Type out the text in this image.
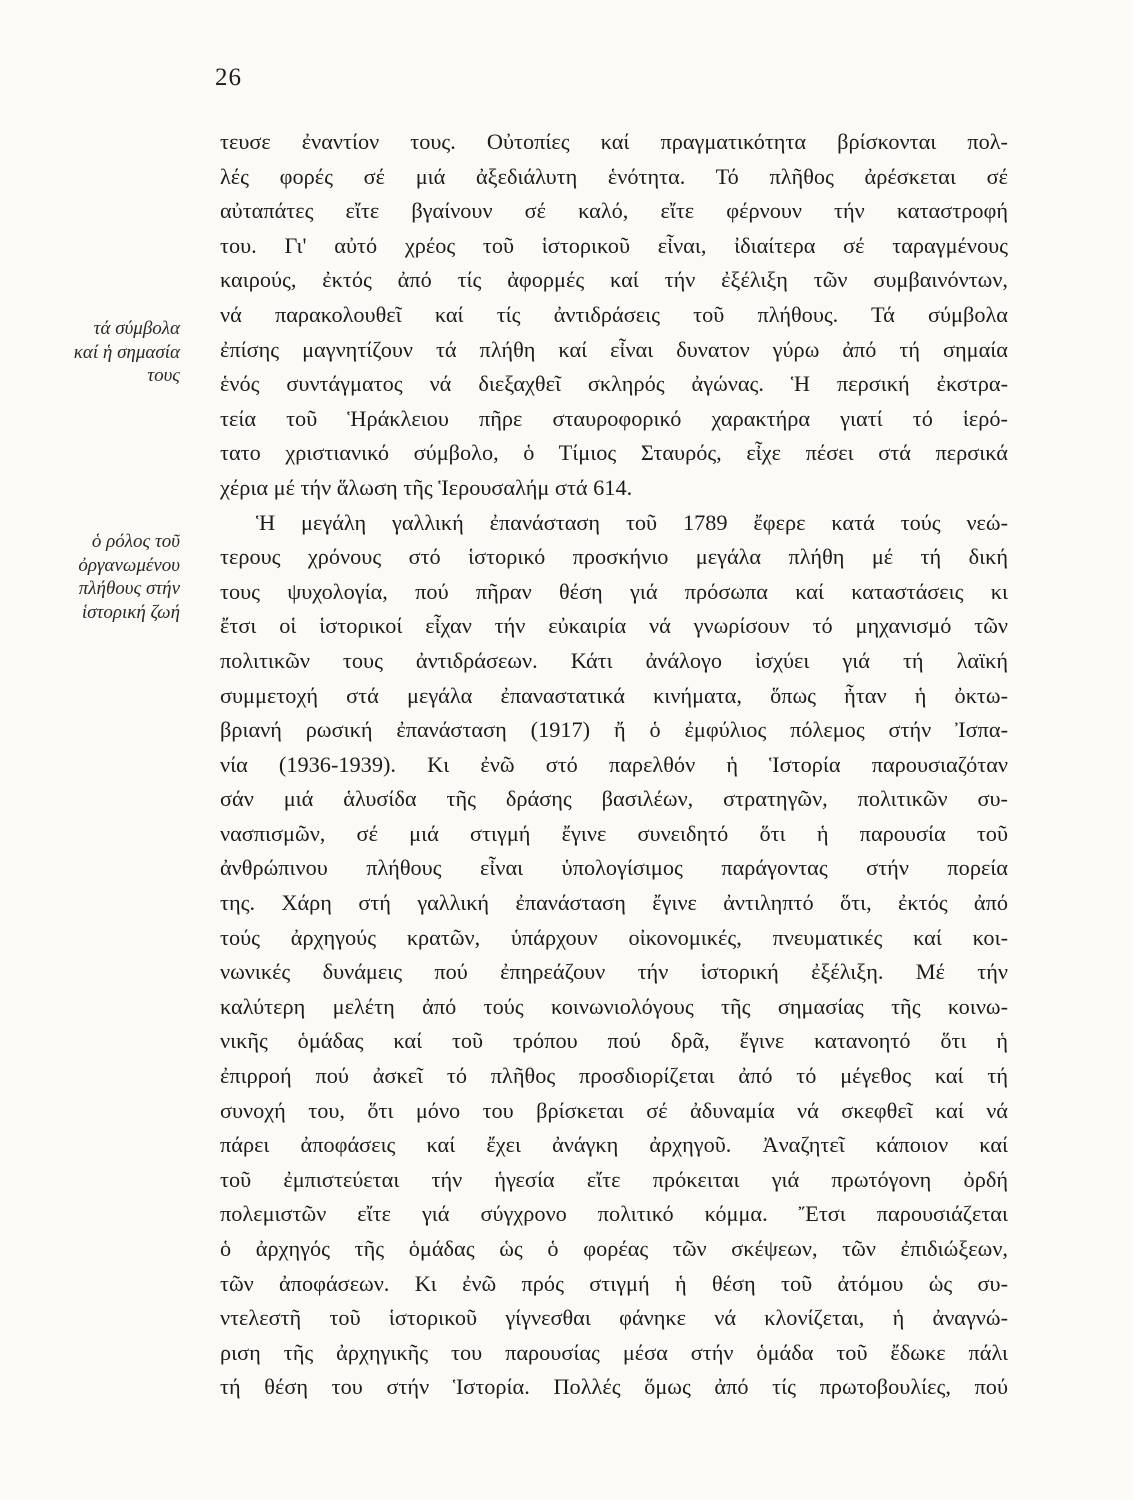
26
τά σύμβολα
καί ἡ σημασία
τους
ὁ ρόλος τοῦ
ὀργανωμένου
πλήθους στήν
ἱστορική ζωή
τευσε ἐναντίον τους. Οὐτοπίες καί πραγματικότητα βρίσκονται πολ-
λές φορές σέ μιά ἀξεδιάλυτη ἑνότητα. Τό πλῆθος ἀρέσκεται σέ
αὐταπάτες εἴτε βγαίνουν σέ καλό, εἴτε φέρνουν τήν καταστροφή
του. Γι' αὐτό χρέος τοῦ ἱστορικοῦ εἶναι, ἰδιαίτερα σέ ταραγμένους
καιρούς, ἐκτός ἀπό τίς ἀφορμές καί τήν ἐξέλιξη τῶν συμβαινόντων,
νά παρακολουθεῖ καί τίς ἀντιδράσεις τοῦ πλήθους. Τά σύμβολα
ἐπίσης μαγνητίζουν τά πλήθη καί εἶναι δυνατον γύρω ἀπό τή σημαία
ἑνός συντάγματος νά διεξαχθεῖ σκληρός ἀγώνας. Ἡ περσική ἐκστρα-
τεία τοῦ Ἡράκλειου πῆρε σταυροφορικό χαρακτήρα γιατί τό ἱερό-
τατο χριστιανικό σύμβολο, ὁ Τίμιος Σταυρός, εἶχε πέσει στά περσικά
χέρια μέ τήν ἅλωση τῆς Ἱερουσαλήμ στά 614.
Ἡ μεγάλη γαλλική ἐπανάσταση τοῦ 1789 ἔφερε κατά τούς νεώ-
τερους χρόνους στό ἱστορικό προσκήνιο μεγάλα πλήθη μέ τή δική
τους ψυχολογία, πού πῆραν θέση γιά πρόσωπα καί καταστάσεις κι
ἔτσι οἱ ἱστορικοί εἶχαν τήν εὐκαιρία νά γνωρίσουν τό μηχανισμό τῶν
πολιτικῶν τους ἀντιδράσεων. Κάτι ἀνάλογο ἰσχύει γιά τή λαϊκή
συμμετοχή στά μεγάλα ἐπαναστατικά κινήματα, ὅπως ἦταν ἡ ὀκτω-
βριανή ρωσική ἐπανάσταση (1917) ἤ ὁ ἐμφύλιος πόλεμος στήν Ἰσπα-
νία (1936-1939). Κι ἐνῶ στό παρελθόν ἡ Ἱστορία παρουσιαζόταν
σάν μιά ἁλυσίδα τῆς δράσης βασιλέων, στρατηγῶν, πολιτικῶν συ-
νασπισμῶν, σέ μιά στιγμή ἔγινε συνειδητό ὅτι ἡ παρουσία τοῦ
ἀνθρώπινου πλήθους εἶναι ὑπολογίσιμος παράγοντας στήν πορεία
της. Χάρη στή γαλλική ἐπανάσταση ἔγινε ἀντιληπτό ὅτι, ἐκτός ἀπό
τούς ἀρχηγούς κρατῶν, ὑπάρχουν οἰκονομικές, πνευματικές καί κοι-
νωνικές δυνάμεις πού ἐπηρεάζουν τήν ἱστορική ἐξέλιξη. Μέ τήν
καλύτερη μελέτη ἀπό τούς κοινωνιολόγους τῆς σημασίας τῆς κοινω-
νικῆς ὁμάδας καί τοῦ τρόπου πού δρᾶ, ἔγινε κατανοητό ὅτι ἡ
ἐπιρροή πού ἀσκεῖ τό πλῆθος προσδιορίζεται ἀπό τό μέγεθος καί τή
συνοχή του, ὅτι μόνο του βρίσκεται σέ ἀδυναμία νά σκεφθεῖ καί νά
πάρει ἀποφάσεις καί ἔχει ἀνάγκη ἀρχηγοῦ. Ἀναζητεῖ κάποιον καί
τοῦ ἐμπιστεύεται τήν ἡγεσία εἴτε πρόκειται γιά πρωτόγονη ὀρδή
πολεμιστῶν εἴτε γιά σύγχρονο πολιτικό κόμμα. Ἔτσι παρουσιάζεται
ὁ ἀρχηγός τῆς ὁμάδας ὡς ὁ φορέας τῶν σκέψεων, τῶν ἐπιδιώξεων,
τῶν ἀποφάσεων. Κι ἐνῶ πρός στιγμή ἡ θέση τοῦ ἀτόμου ὡς συ-
ντελεστῆ τοῦ ἱστορικοῦ γίγνεσθαι φάνηκε νά κλονίζεται, ἡ ἀναγνώ-
ριση τῆς ἀρχηγικῆς του παρουσίας μέσα στήν ὁμάδα τοῦ ἔδωκε πάλι
τή θέση του στήν Ἱστορία. Πολλές ὅμως ἀπό τίς πρωτοβουλίες, πού
